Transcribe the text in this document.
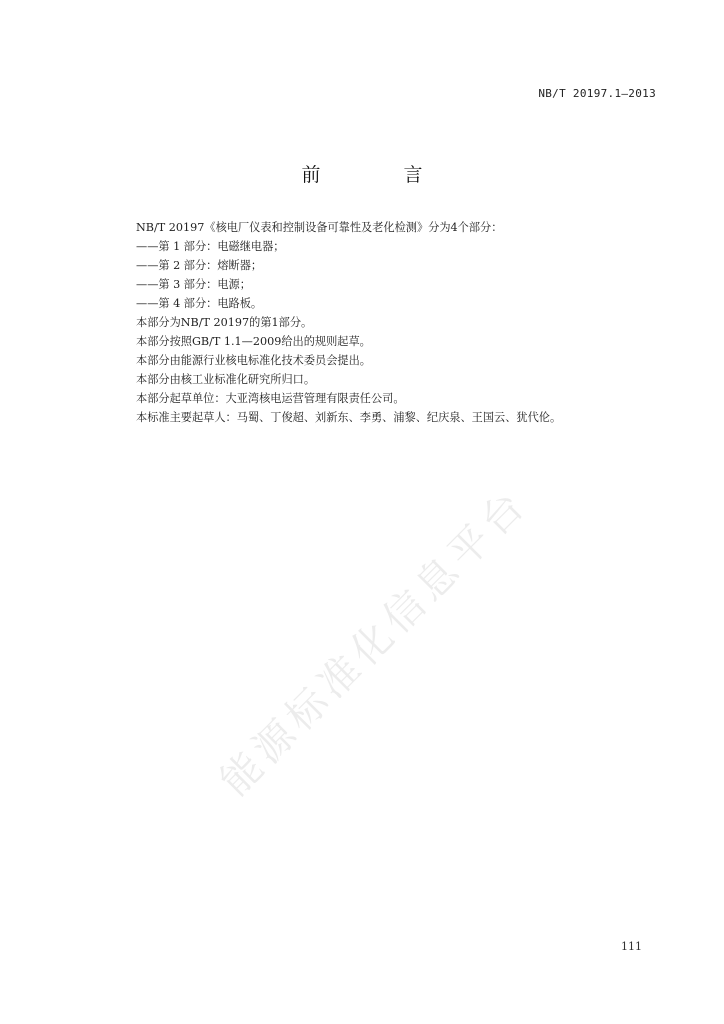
NB/T 20197.1—2013
前　言

NB/T 20197《核电厂仪表和控制设备可靠性及老化检测》分为4个部分：

——第 1 部分：电磁继电器；

——第 2 部分：熔断器；

——第 3 部分：电源；

——第 4 部分：电路板。

本部分为NB/T 20197的第1部分。

本部分按照GB/T 1.1—2009给出的规则起草。

本部分由能源行业核电标准化技术委员会提出。

本部分由核工业标准化研究所归口。

本部分起草单位：大亚湾核电运营管理有限责任公司。

本标准主要起草人：马蜀、丁俊超、刘新东、李勇、浦黎、纪庆泉、王国云、犹代伦。

能源标准化信息平台
111
